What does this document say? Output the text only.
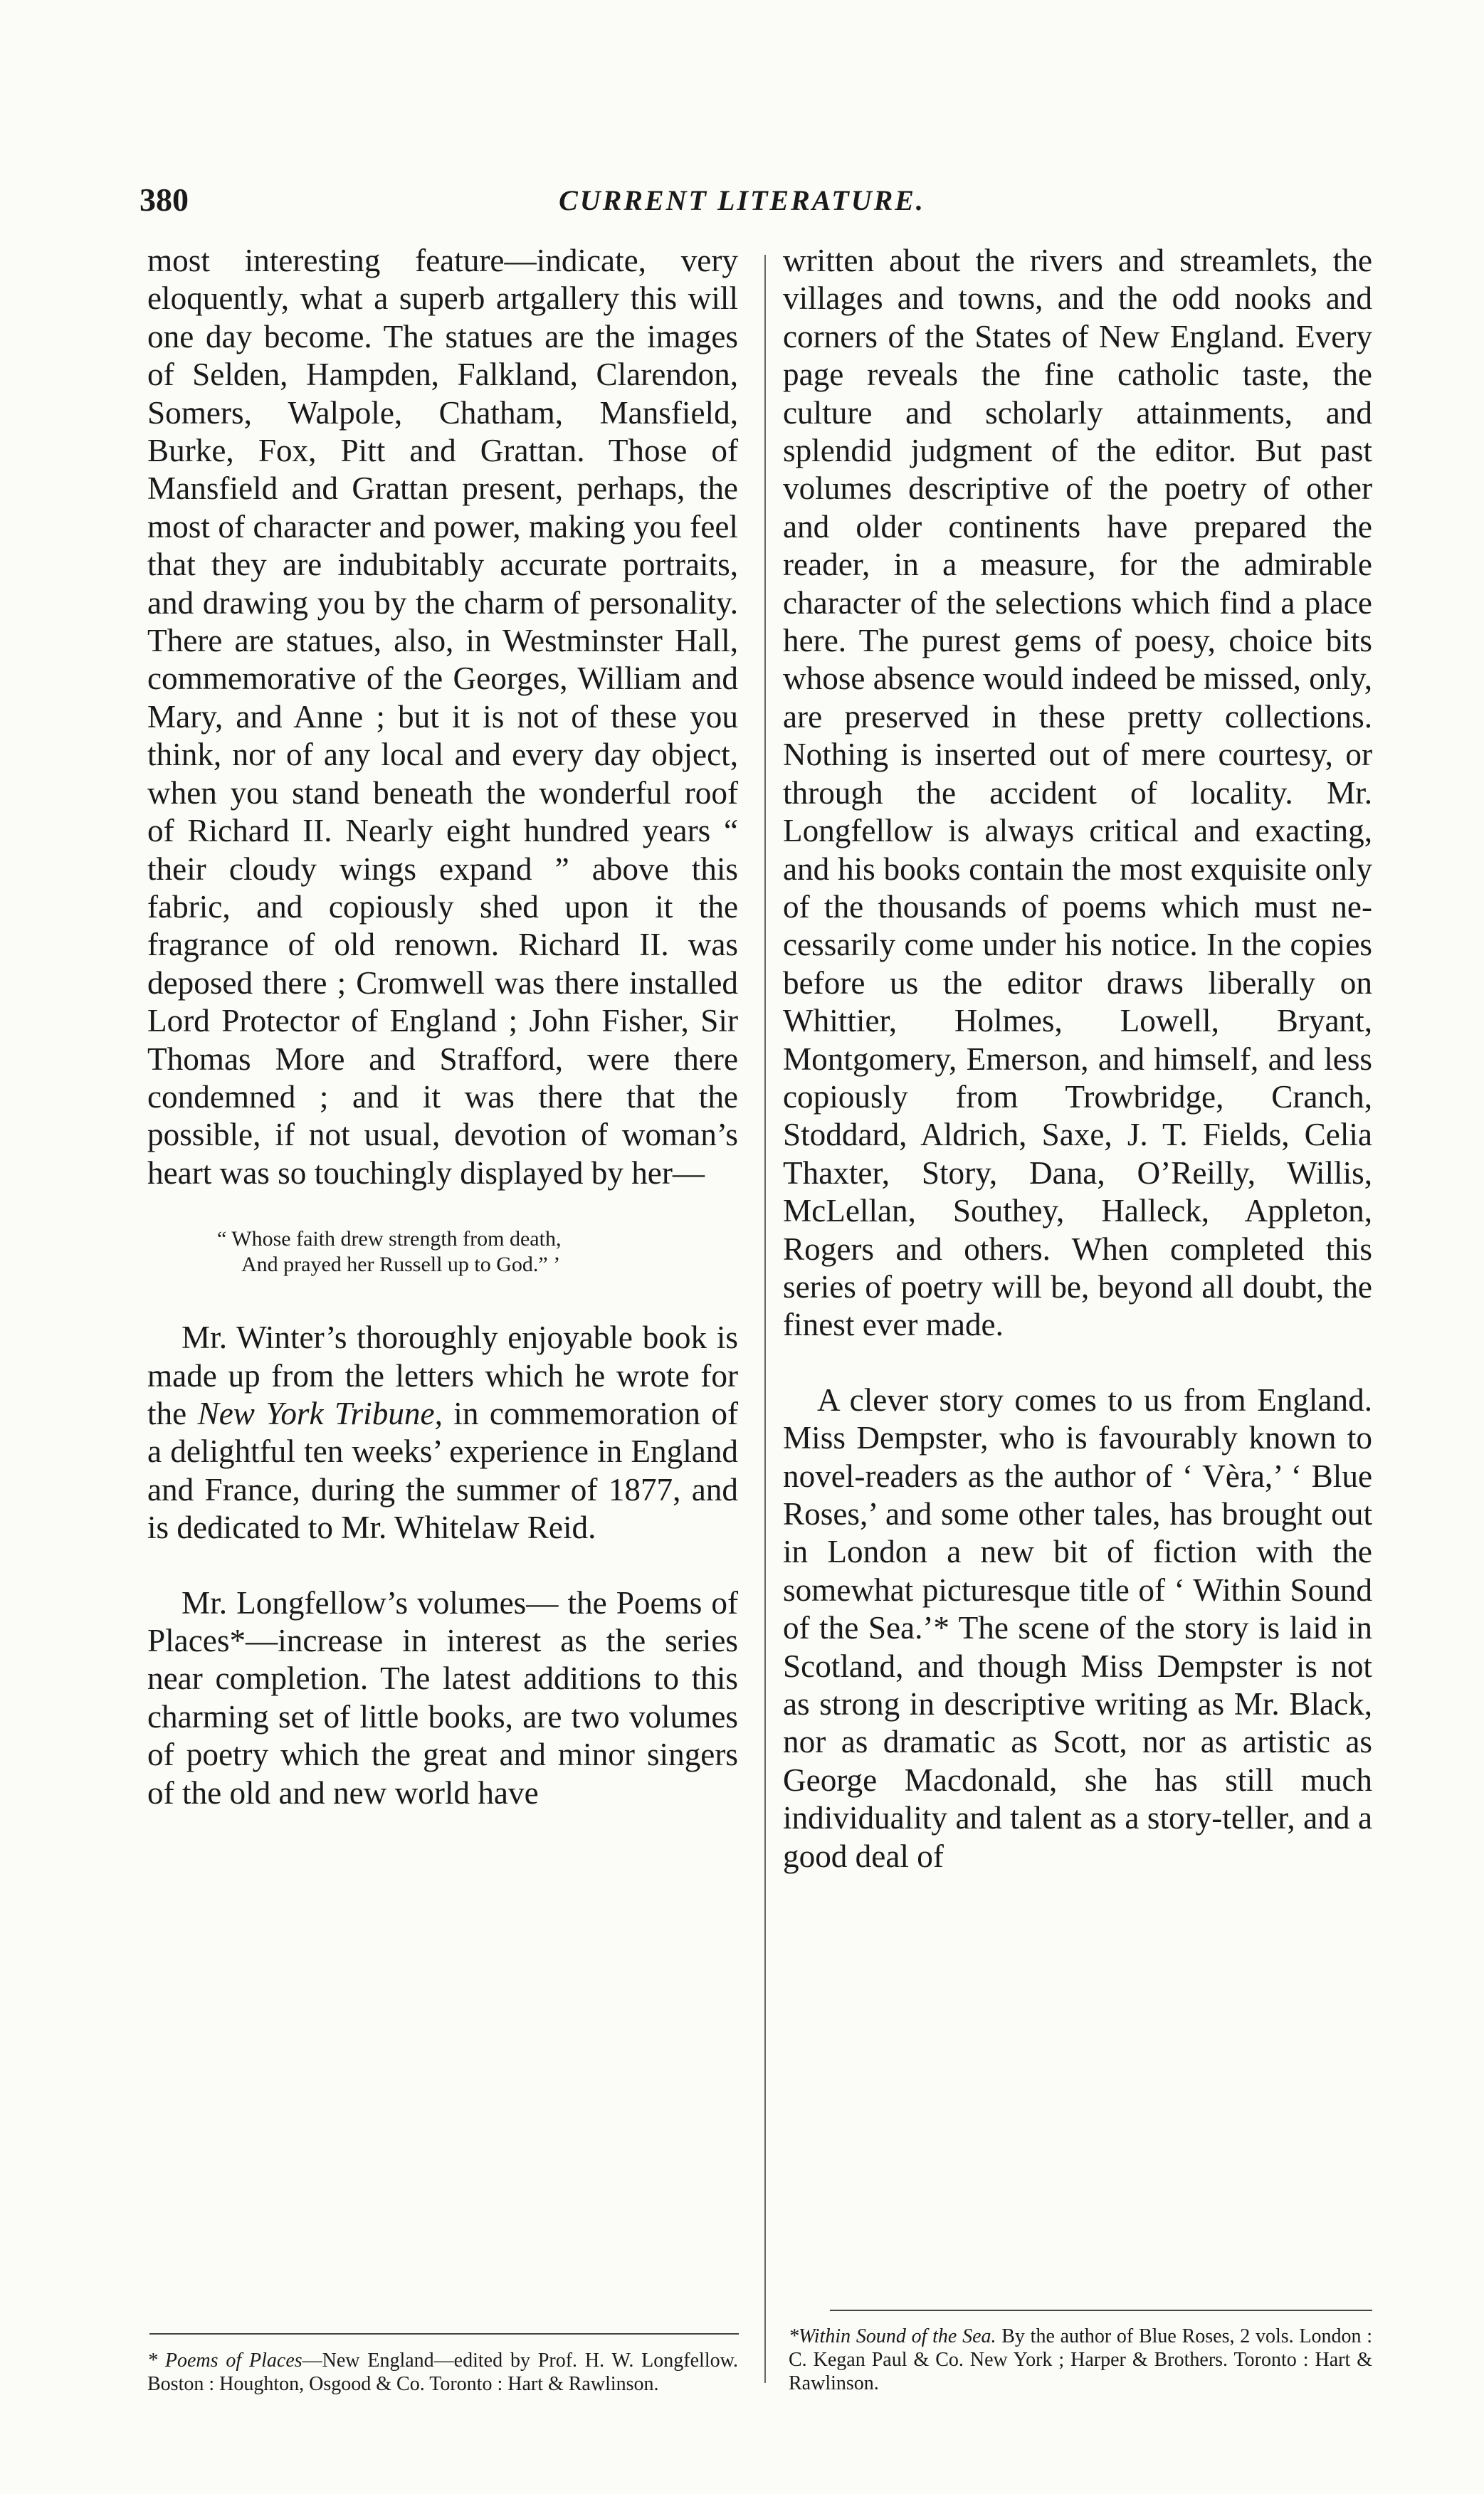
380	CURRENT LITERATURE.

most interesting feature—indicate, very eloquently, what a superb artgallery this will one day become. The statues are the images of Selden, Hampden, Falkland, Clarendon, Somers, Walpole, Chatham, Mansfield, Burke, Fox, Pitt and Grattan. Those of Mansfield and Grattan present, perhaps, the most of character and power, making you feel that they are indubitably accurate portraits, and drawing you by the charm of personality. There are statues, also, in Westminster Hall, commemorative of the Georges, William and Mary, and Anne ; but it is not of these you think, nor of any local and every day object, when you stand beneath the wonderful roof of Richard II. Nearly eight hundred years “ their cloudy wings expand ” above this fabric, and copiously shed upon it the fragrance of old renown. Richard II. was deposed there ; Cromwell was there installed Lord Protector of England ; John Fisher, Sir Thomas More and Strafford, were there condemned ; and it was there that the possible, if not usual, devotion of woman’s heart was so touchingly displayed by her—

“ Whose faith drew strength from death,
And prayed her Russell up to God.” ’

Mr. Winter’s thoroughly enjoyable book is made up from the letters which he wrote for the New York Tribune, in commemoration of a delightful ten weeks’ experience in England and France, during the summer of 1877, and is dedicated to Mr. Whitelaw Reid.

Mr. Longfellow’s volumes— the Poems of Places*—increase in interest as the series near completion. The latest additions to this charming set of little books, are two volumes of poetry which the great and minor singers of the old and new world have

written about the rivers and streamlets, the villages and towns, and the odd nooks and corners of the States of New England. Every page reveals the fine catholic taste, the culture and scholarly attainments, and splendid judgment of the editor. But past volumes descriptive of the poetry of other and older continents have prepared the reader, in a measure, for the admirable character of the selections which find a place here. The purest gems of poesy, choice bits whose absence would indeed be missed, only, are preserved in these pretty collections. Nothing is inserted out of mere courtesy, or through the accident of locality. Mr. Longfellow is always critical and exacting, and his books contain the most exquisite only of the thousands of poems which must necessarily come under his notice. In the copies before us the editor draws liberally on Whittier, Holmes, Lowell, Bryant, Montgomery, Emerson, and himself, and less copiously from Trowbridge, Cranch, Stoddard, Aldrich, Saxe, J. T. Fields, Celia Thaxter, Story, Dana, O’Reilly, Willis, McLellan, Southey, Halleck, Appleton, Rogers and others. When completed this series of poetry will be, beyond all doubt, the finest ever made.

A clever story comes to us from England. Miss Dempster, who is favourably known to novel-readers as the author of ‘ Vèra,’ ‘ Blue Roses,’ and some other tales, has brought out in London a new bit of fiction with the somewhat picturesque title of ‘ Within Sound of the Sea.’* The scene of the story is laid in Scotland, and though Miss Dempster is not as strong in descriptive writing as Mr. Black, nor as dramatic as Scott, nor as artistic as George Macdonald, she has still much individuality and talent as a story-teller, and a good deal of

* Poems of Places—New England—edited by Prof. H. W. Longfellow. Boston : Houghton, Osgood & Co. Toronto : Hart & Rawlinson.
*Within Sound of the Sea. By the author of Blue Roses, 2 vols. London : C. Kegan Paul & Co. New York ; Harper & Brothers. Toronto : Hart & Rawlinson.
